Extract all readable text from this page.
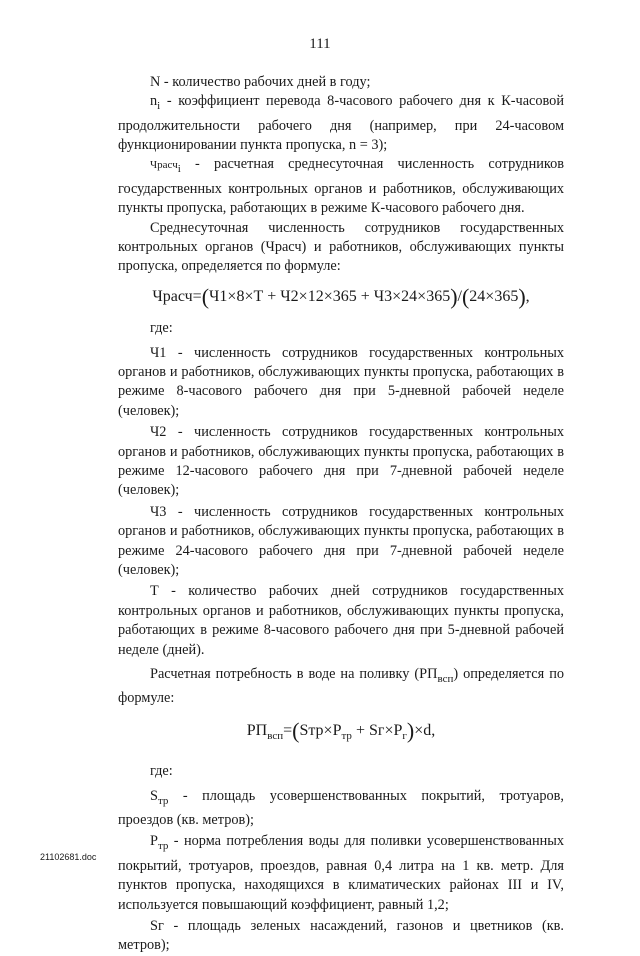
111

N - количество рабочих дней в году;

$n_i$ - коэффициент перевода 8-часового рабочего дня к К-часовой продолжительности рабочего дня (например, при 24-часовом функционировании пункта пропуска, n = 3);

Чрасч$_i$ - расчетная среднесуточная численность сотрудников государственных контрольных органов и работников, обслуживающих пункты пропуска, работающих в режиме К-часового рабочего дня.

Среднесуточная численность сотрудников государственных контрольных органов (Чрасч) и работников, обслуживающих пункты пропуска, определяется по формуле:

Чрасч=(Ч1×8×Т + Ч2×12×365 + Ч3×24×365)/(24×365),

где:

Ч1 - численность сотрудников государственных контрольных органов и работников, обслуживающих пункты пропуска, работающих в режиме 8-часового рабочего дня при 5-дневной рабочей неделе (человек);

Ч2 - численность сотрудников государственных контрольных органов и работников, обслуживающих пункты пропуска, работающих в режиме 12-часового рабочего дня при 7-дневной рабочей неделе (человек);

Ч3 - численность сотрудников государственных контрольных органов и работников, обслуживающих пункты пропуска, работающих в режиме 24-часового рабочего дня при 7-дневной рабочей неделе (человек);

Т - количество рабочих дней сотрудников государственных контрольных органов и работников, обслуживающих пункты пропуска, работающих в режиме 8-часового рабочего дня при 5-дневной рабочей неделе (дней).

Расчетная потребность в воде на поливку $(РП_{всп})$ определяется по формуле:

$РП_{всп}=(Sтр\times Р_{тр} + Sг\times Р_г)\times d$,

где:

$S_{тр}$ - площадь усовершенствованных покрытий, тротуаров, проездов (кв. метров);

$Р_{тр}$ - норма потребления воды для поливки усовершенствованных покрытий, тротуаров, проездов, равная 0,4 литра на 1 кв. метр. Для пунктов пропуска, находящихся в климатических районах III и IV, используется повышающий коэффициент, равный 1,2;

Sг - площадь зеленых насаждений, газонов и цветников (кв. метров);

21102681.doc
